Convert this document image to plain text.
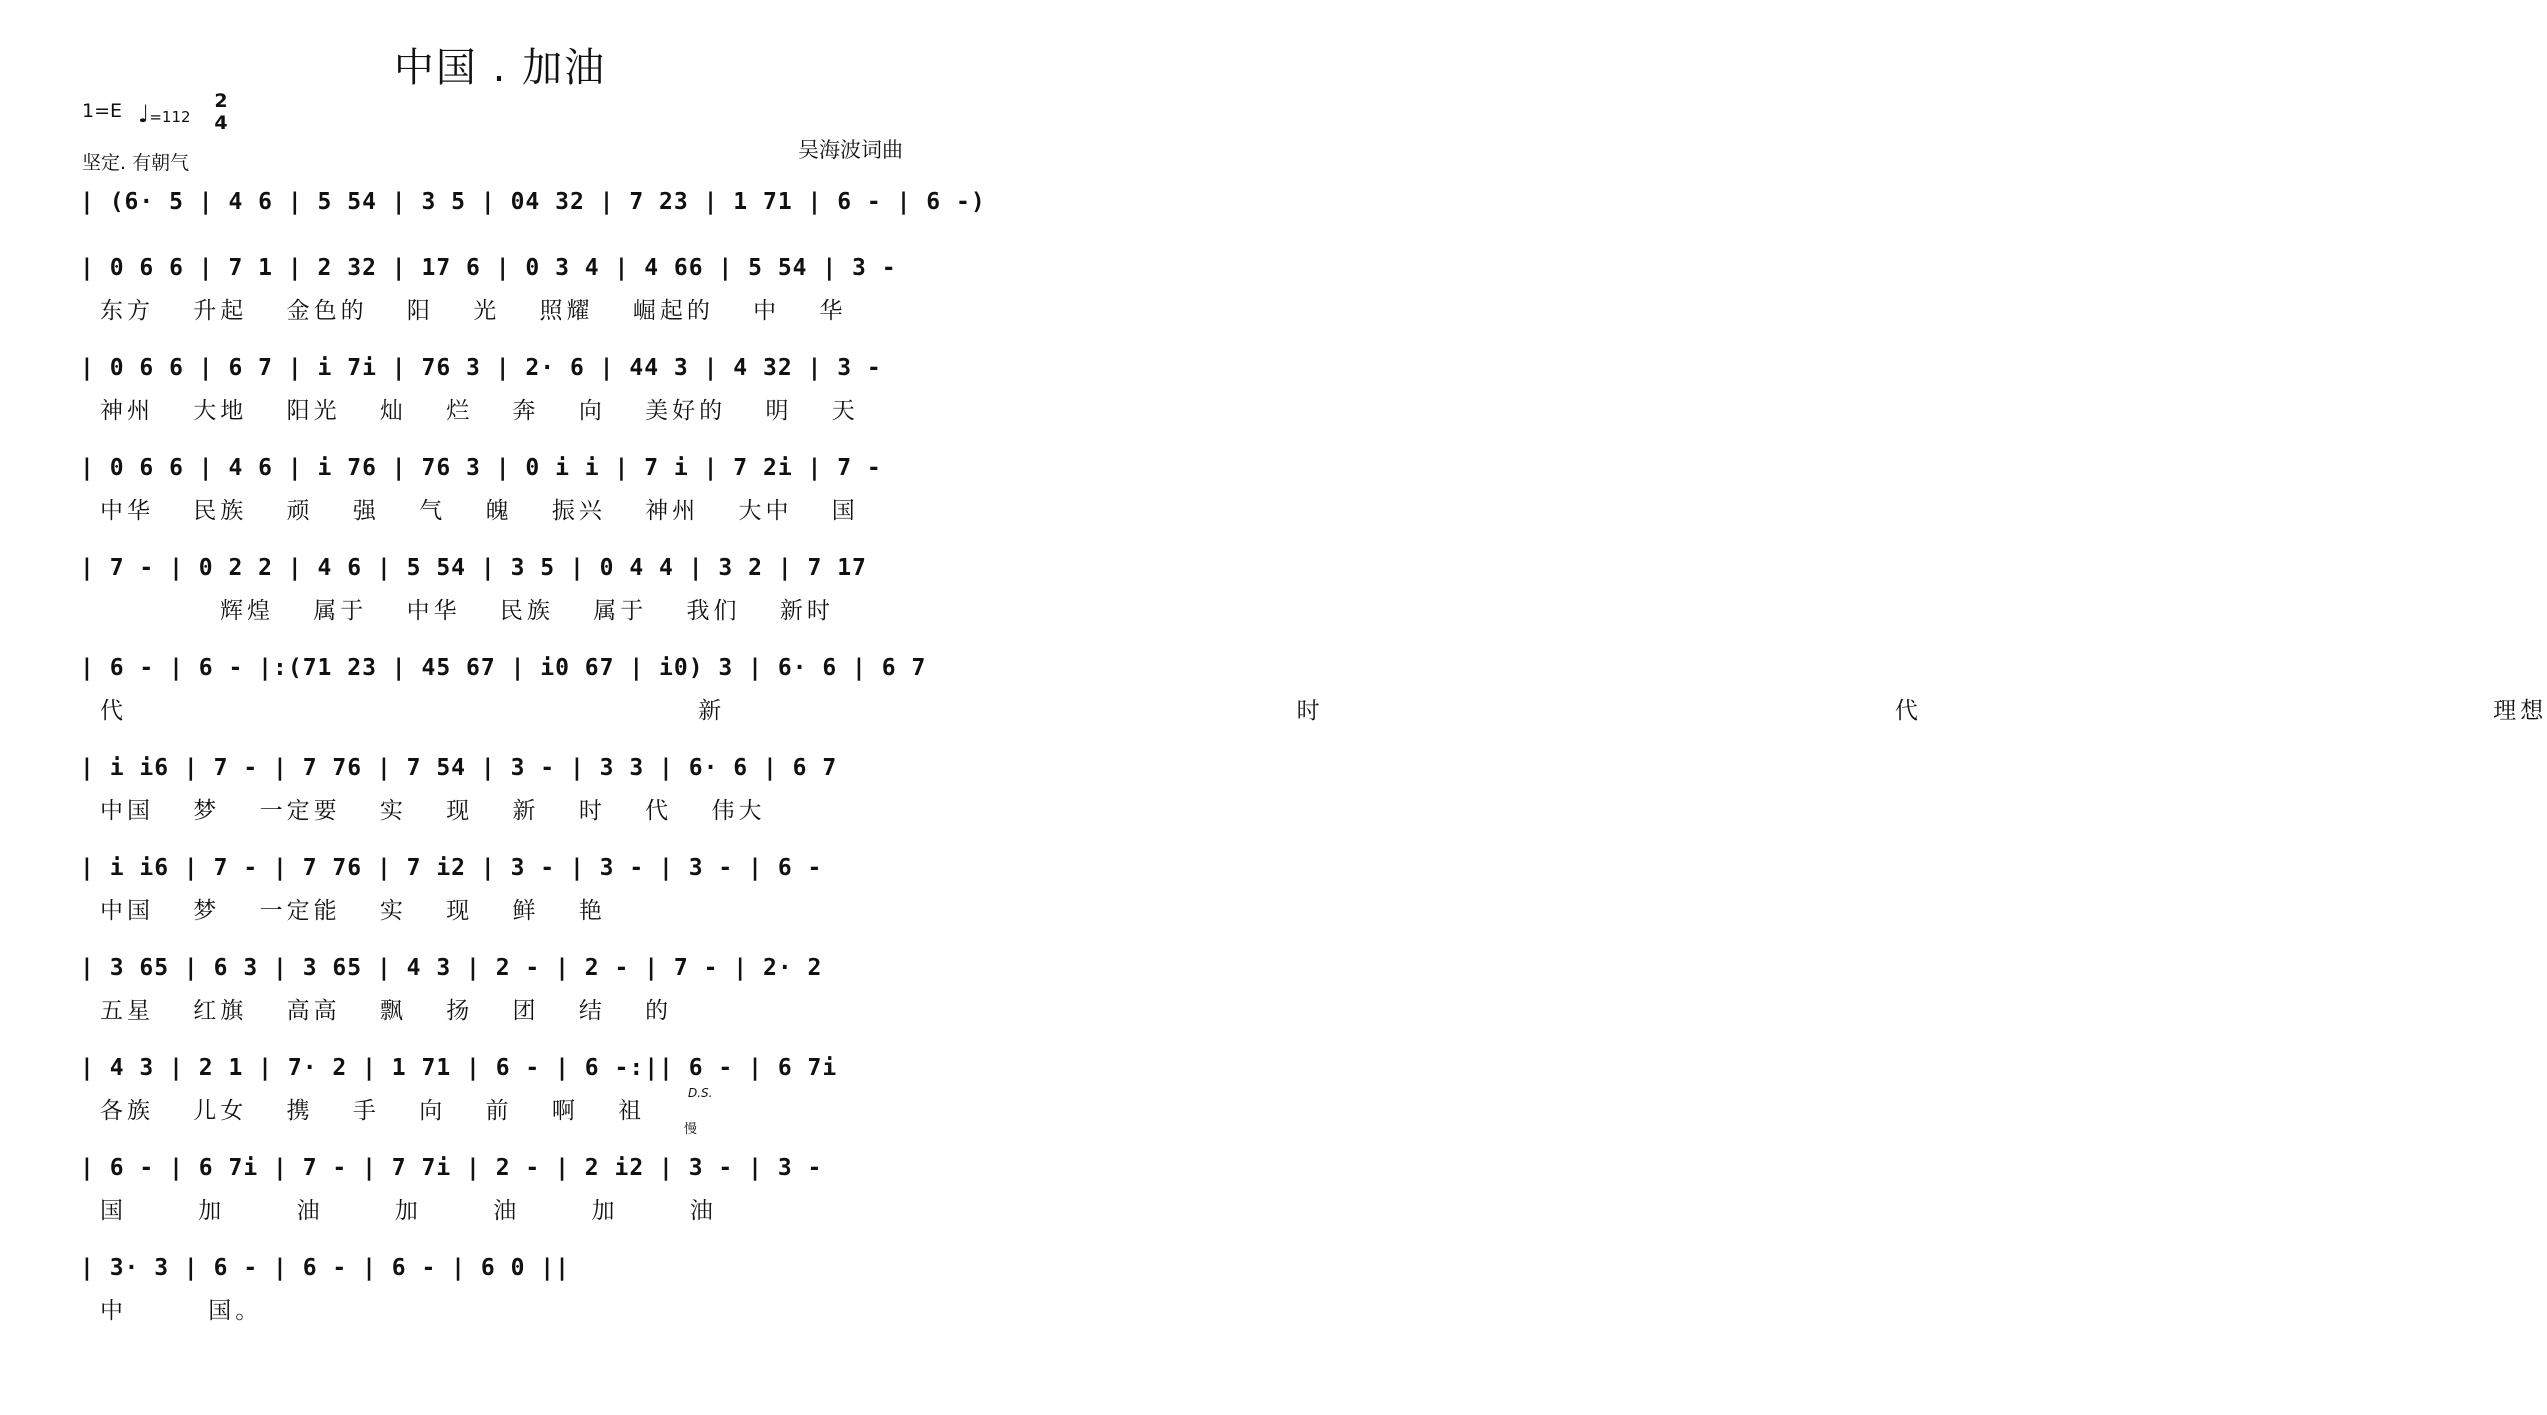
中国 . 加油
1=E ♩=112
2
4
坚定. 有朝气
吴海波词曲
| (6· 5 | 4 6 | 5 54 | 3 5 | 04 32 | 7 23 | 1 71 | 6 - | 6 -)
| 0 6 6 | 7 1 | 2 32 | 17 6 | 0 3 4 | 4 66 | 5 54 | 3 -
东方 升起 金色的 阳 光 照耀 崛起的 中 华
| 0 6 6 | 6 7 | i 7i | 76 3 | 2· 6 | 44 3 | 4 32 | 3 -
神州 大地 阳光 灿 烂 奔 向 美好的 明 天
| 0 6 6 | 4 6 | i 76 | 76 3 | 0 i i | 7 i | 7 2i | 7 -
中华 民族 顽 强 气 魄 振兴 神州 大中 国
| 7 - | 0 2 2 | 4 6 | 5 54 | 3 5 | 0 4 4 | 3 2 | 7 17
辉煌 属于 中华 民族 属于 我们 新时
| 6 - | 6 - |:(71 23 | 45 67 | i0 67 | i0) 3 | 6· 6 | 6 7
代 新 时 代 理想
| i i6 | 7 - | 7 76 | 7 54 | 3 - | 3 3 | 6· 6 | 6 7
中国 梦 一定要 实 现 新 时 代 伟大
| i i6 | 7 - | 7 76 | 7 i2 | 3 - | 3 - | 3 - | 6 -
中国 梦 一定能 实 现 鲜 艳
| 3 65 | 6 3 | 3 65 | 4 3 | 2 - | 2 - | 7 - | 2· 2
五星 红旗 高高 飘 扬 团 结 的
| 4 3 | 2 1 | 7· 2 | 1 71 | 6 - | 6 -:|| 6 - | 6 7i
各族 儿女 携 手 向 前 啊 祖
| 6 - | 6 7i | 7 - | 7 7i | 2 - | 2 i2 | 3 - | 3 -
国 加 油 加 油 加 油
| 3· 3 | 6 - | 6 - | 6 - | 6 0 ||
中 国。
D.S.
慢
